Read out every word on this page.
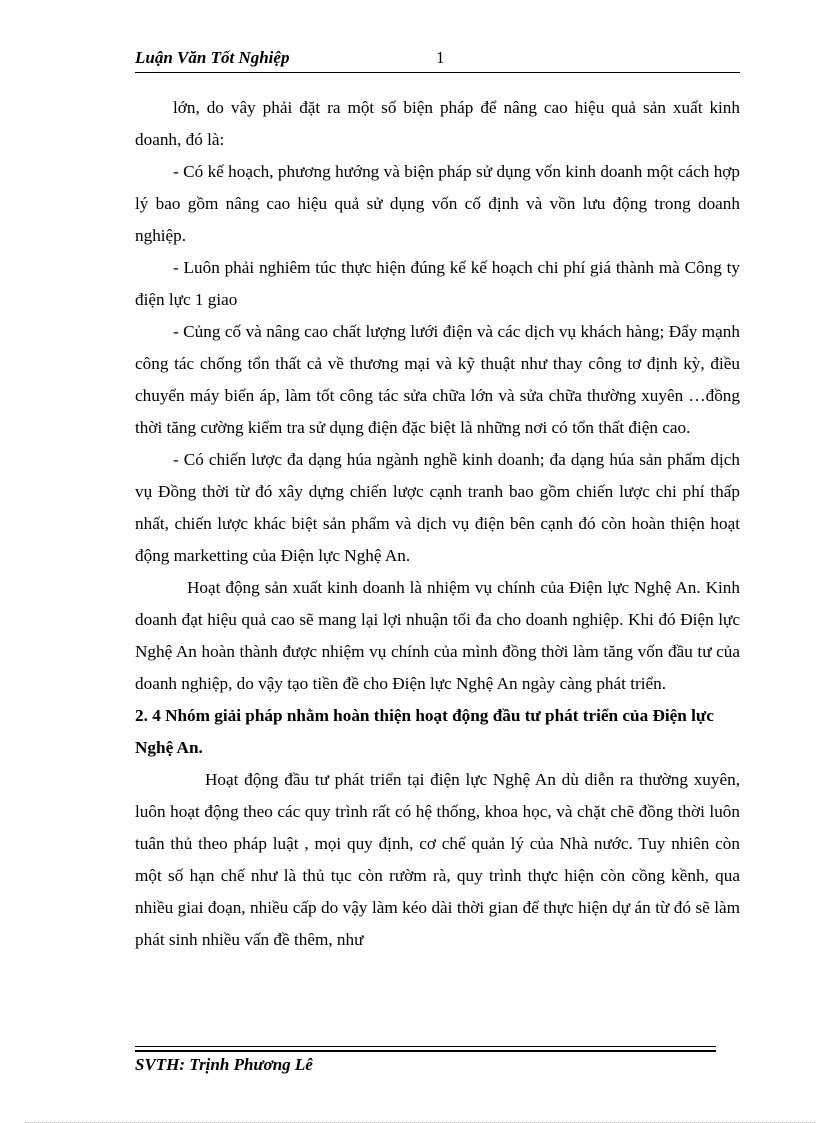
Luận Văn Tốt Nghiệp	1

lớn, do vây phải đặt ra một số biện pháp để nâng cao hiệu quả sản xuất kinh doanh, đó là:

- Có kế hoạch, phương hướng và biện pháp sử dụng vốn kinh doanh một cách hợp lý bao gồm nâng cao hiệu quả sử dụng vốn cố định và vồn lưu động trong doanh nghiệp.

- Luôn phải nghiêm túc thực hiện đúng kế kế hoạch chi phí giá thành mà Công ty điện lực 1 giao

- Củng cố và nâng cao chất lượng lưới điện và các dịch vụ khách hàng; Đẩy mạnh công tác chống tổn thất cả về thương mại và kỹ thuật như thay công tơ định kỳ, điều chuyển máy biến áp, làm tốt công tác sửa chữa lớn và sửa chữa thường xuyên …đồng thời tăng cường kiểm tra sử dụng điện đặc biệt là những nơi có tổn thất điện cao.

- Có chiến lược đa dạng húa ngành nghề kinh doanh; đa dạng húa sản phẩm dịch vụ Đồng thời từ đó xây dựng chiến lược cạnh tranh bao gồm chiến lược chi phí thấp nhất, chiến lược khác biệt sản phẩm và dịch vụ điện bên cạnh đó còn hoàn thiện hoạt động marketting của Điện lực Nghệ An.

Hoạt động sản xuất kinh doanh là nhiệm vụ chính của Điện lực Nghệ An. Kinh doanh đạt hiệu quả cao sẽ mang lại lợi nhuận tối đa cho doanh nghiệp. Khi đó Điện lực Nghệ An hoàn thành được nhiệm vụ chính của mình đồng thời làm tăng vốn đầu tư của doanh nghiệp, do vậy tạo tiền đề cho Điện lực Nghệ An ngày càng phát triển.

2. 4 Nhóm giải pháp nhằm hoàn thiện hoạt động đầu tư phát triển của Điện lực Nghệ An.

Hoạt động đầu tư phát triển tại điện lực Nghệ An dù diễn ra thường xuyên, luôn hoạt động theo các quy trình rất có hệ thống, khoa học, và chặt chẽ đồng thời luôn tuân thủ theo pháp luật , mọi quy định, cơ chế quản lý của Nhà nước. Tuy nhiên còn một số hạn chế như là thủ tục còn rườm rà, quy trình thực hiện còn cồng kềnh, qua nhiều giai đoạn, nhiều cấp do vậy làm kéo dài thời gian để thực hiện dự án từ đó sẽ làm phát sinh nhiều vấn đề thêm, như

SVTH: Trịnh Phương Lê
